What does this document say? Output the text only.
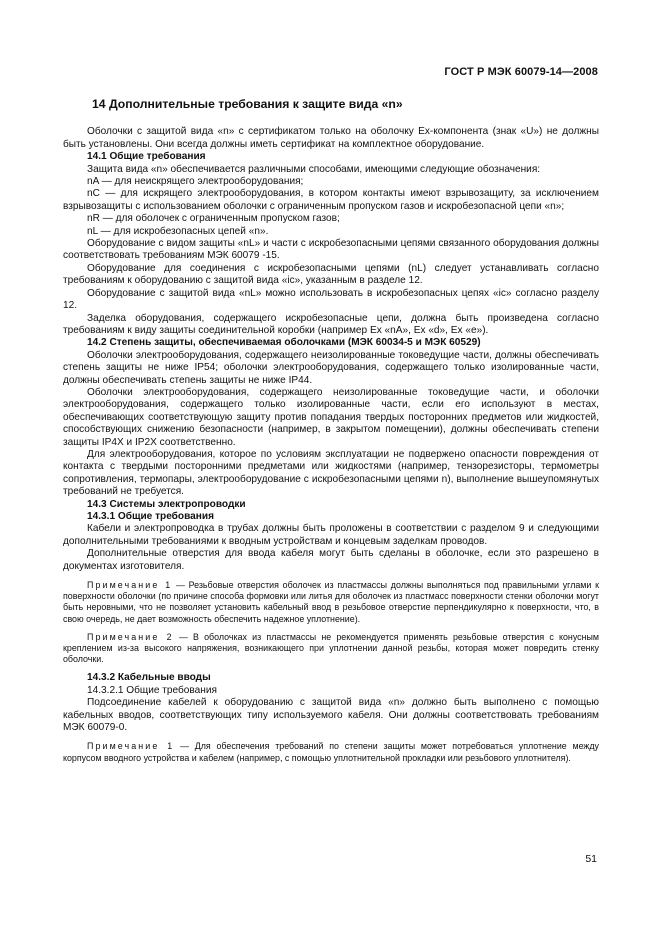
ГОСТ Р МЭК 60079-14—2008
14 Дополнительные требования к защите вида «n»
Оболочки с защитой вида «n» с сертификатом только на оболочку Ex-компонента (знак «U») не должны быть установлены. Они всегда должны иметь сертификат на комплектное оборудование.
14.1 Общие требования
Защита вида «n» обеспечивается различными способами, имеющими следующие обозначения:
nA — для неискрящего электрооборудования;
nC — для искрящего электрооборудования, в котором контакты имеют взрывозащиту, за исключением взрывозащиты с использованием оболочки с ограниченным пропуском газов и искробезопасной цепи «n»;
nR — для оболочек с ограниченным пропуском газов;
nL — для искробезопасных цепей «n».
Оборудование с видом защиты «nL» и части с искробезопасными цепями связанного оборудования должны соответствовать требованиям МЭК 60079 -15.
Оборудование для соединения с искробезопасными цепями (nL) следует устанавливать согласно требованиям к оборудованию с защитой вида «ic», указанным в разделе 12.
Оборудование с защитой вида «nL» можно использовать в искробезопасных цепях «ic» согласно разделу 12.
Заделка оборудования, содержащего искробезопасные цепи, должна быть произведена согласно требованиям к виду защиты соединительной коробки (например Ex «nA», Ex «d», Ex «e»).
14.2 Степень защиты, обеспечиваемая оболочками (МЭК 60034-5 и МЭК 60529)
Оболочки электрооборудования, содержащего неизолированные токоведущие части, должны обеспечивать степень защиты не ниже IP54; оболочки электрооборудования, содержащего только изолированные части, должны обеспечивать степень защиты не ниже IP44.
Оболочки электрооборудования, содержащего неизолированные токоведущие части, и оболочки электрооборудования, содержащего только изолированные части, если его используют в местах, обеспечивающих соответствующую защиту против попадания твердых посторонних предметов или жидкостей, способствующих снижению безопасности (например, в закрытом помещении), должны обеспечивать степени защиты IP4X и IP2X соответственно.
Для электрооборудования, которое по условиям эксплуатации не подвержено опасности повреждения от контакта с твердыми посторонними предметами или жидкостями (например, тензорезисторы, термометры сопротивления, термопары, электрооборудование с искробезопасными цепями n), выполнение вышеупомянутых требований не требуется.
14.3 Системы электропроводки
14.3.1 Общие требования
Кабели и электропроводка в трубах должны быть проложены в соответствии с разделом 9 и следующими дополнительными требованиями к вводным устройствам и концевым заделкам проводов.
Дополнительные отверстия для ввода кабеля могут быть сделаны в оболочке, если это разрешено в документах изготовителя.
Примечание 1 — Резьбовые отверстия оболочек из пластмассы должны выполняться под правильными углами к поверхности оболочки (по причине способа формовки или литья для оболочек из пластмасс поверхности стенки оболочки могут быть неровными, что не позволяет установить кабельный ввод в резьбовое отверстие перпендикулярно к поверхности, что, в свою очередь, не дает возможность обеспечить надежное уплотнение).
Примечание 2 — В оболочках из пластмассы не рекомендуется применять резьбовые отверстия с конусным креплением из-за высокого напряжения, возникающего при уплотнении данной резьбы, которая может повредить стенку оболочки.
14.3.2 Кабельные вводы
14.3.2.1 Общие требования
Подсоединение кабелей к оборудованию с защитой вида «n» должно быть выполнено с помощью кабельных вводов, соответствующих типу используемого кабеля. Они должны соответствовать требованиям МЭК 60079-0.
Примечание 1 — Для обеспечения требований по степени защиты может потребоваться уплотнение между корпусом вводного устройства и кабелем (например, с помощью уплотнительной прокладки или резьбового уплотнителя).
51
